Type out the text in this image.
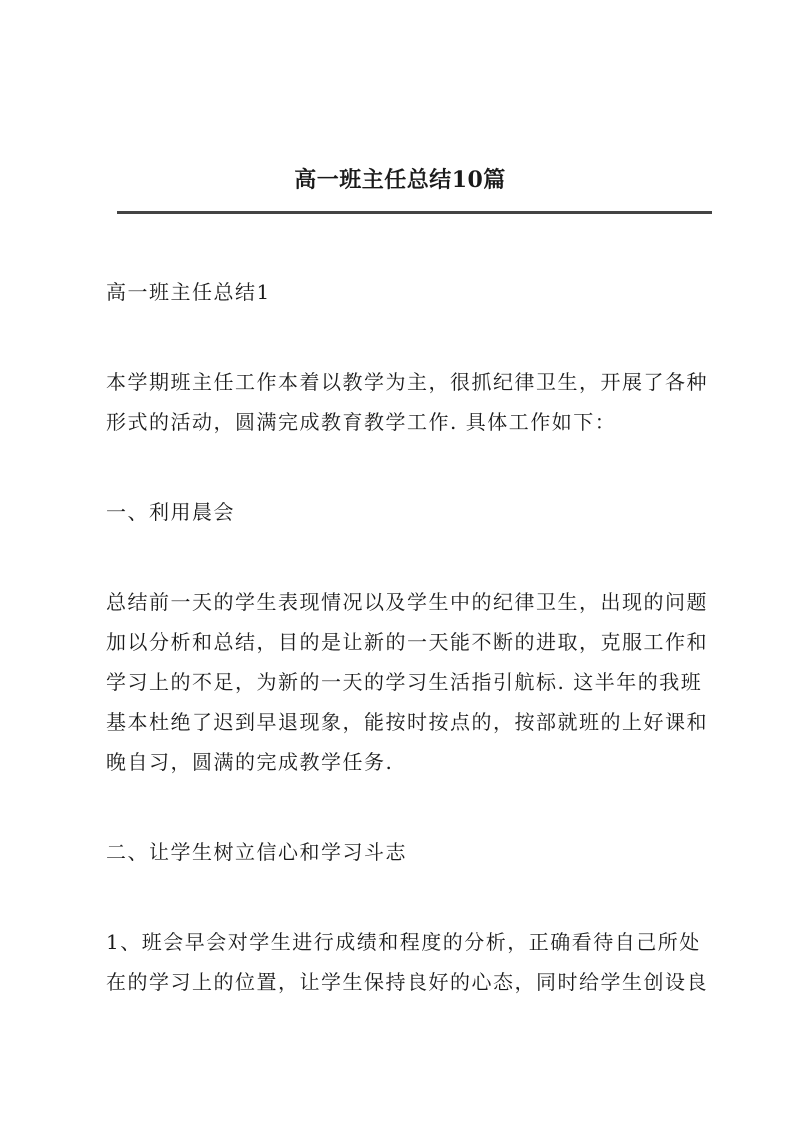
高一班主任总结10篇

高一班主任总结1

本学期班主任工作本着以教学为主，很抓纪律卫生，开展了各种

形式的活动，圆满完成教育教学工作. 具体工作如下：

一、利用晨会

总结前一天的学生表现情况以及学生中的纪律卫生，出现的问题

加以分析和总结，目的是让新的一天能不断的进取，克服工作和

学习上的不足，为新的一天的学习生活指引航标. 这半年的我班

基本杜绝了迟到早退现象，能按时按点的，按部就班的上好课和

晚自习，圆满的完成教学任务.

二、让学生树立信心和学习斗志

1、班会早会对学生进行成绩和程度的分析，正确看待自己所处

在的学习上的位置，让学生保持良好的心态，同时给学生创设良
